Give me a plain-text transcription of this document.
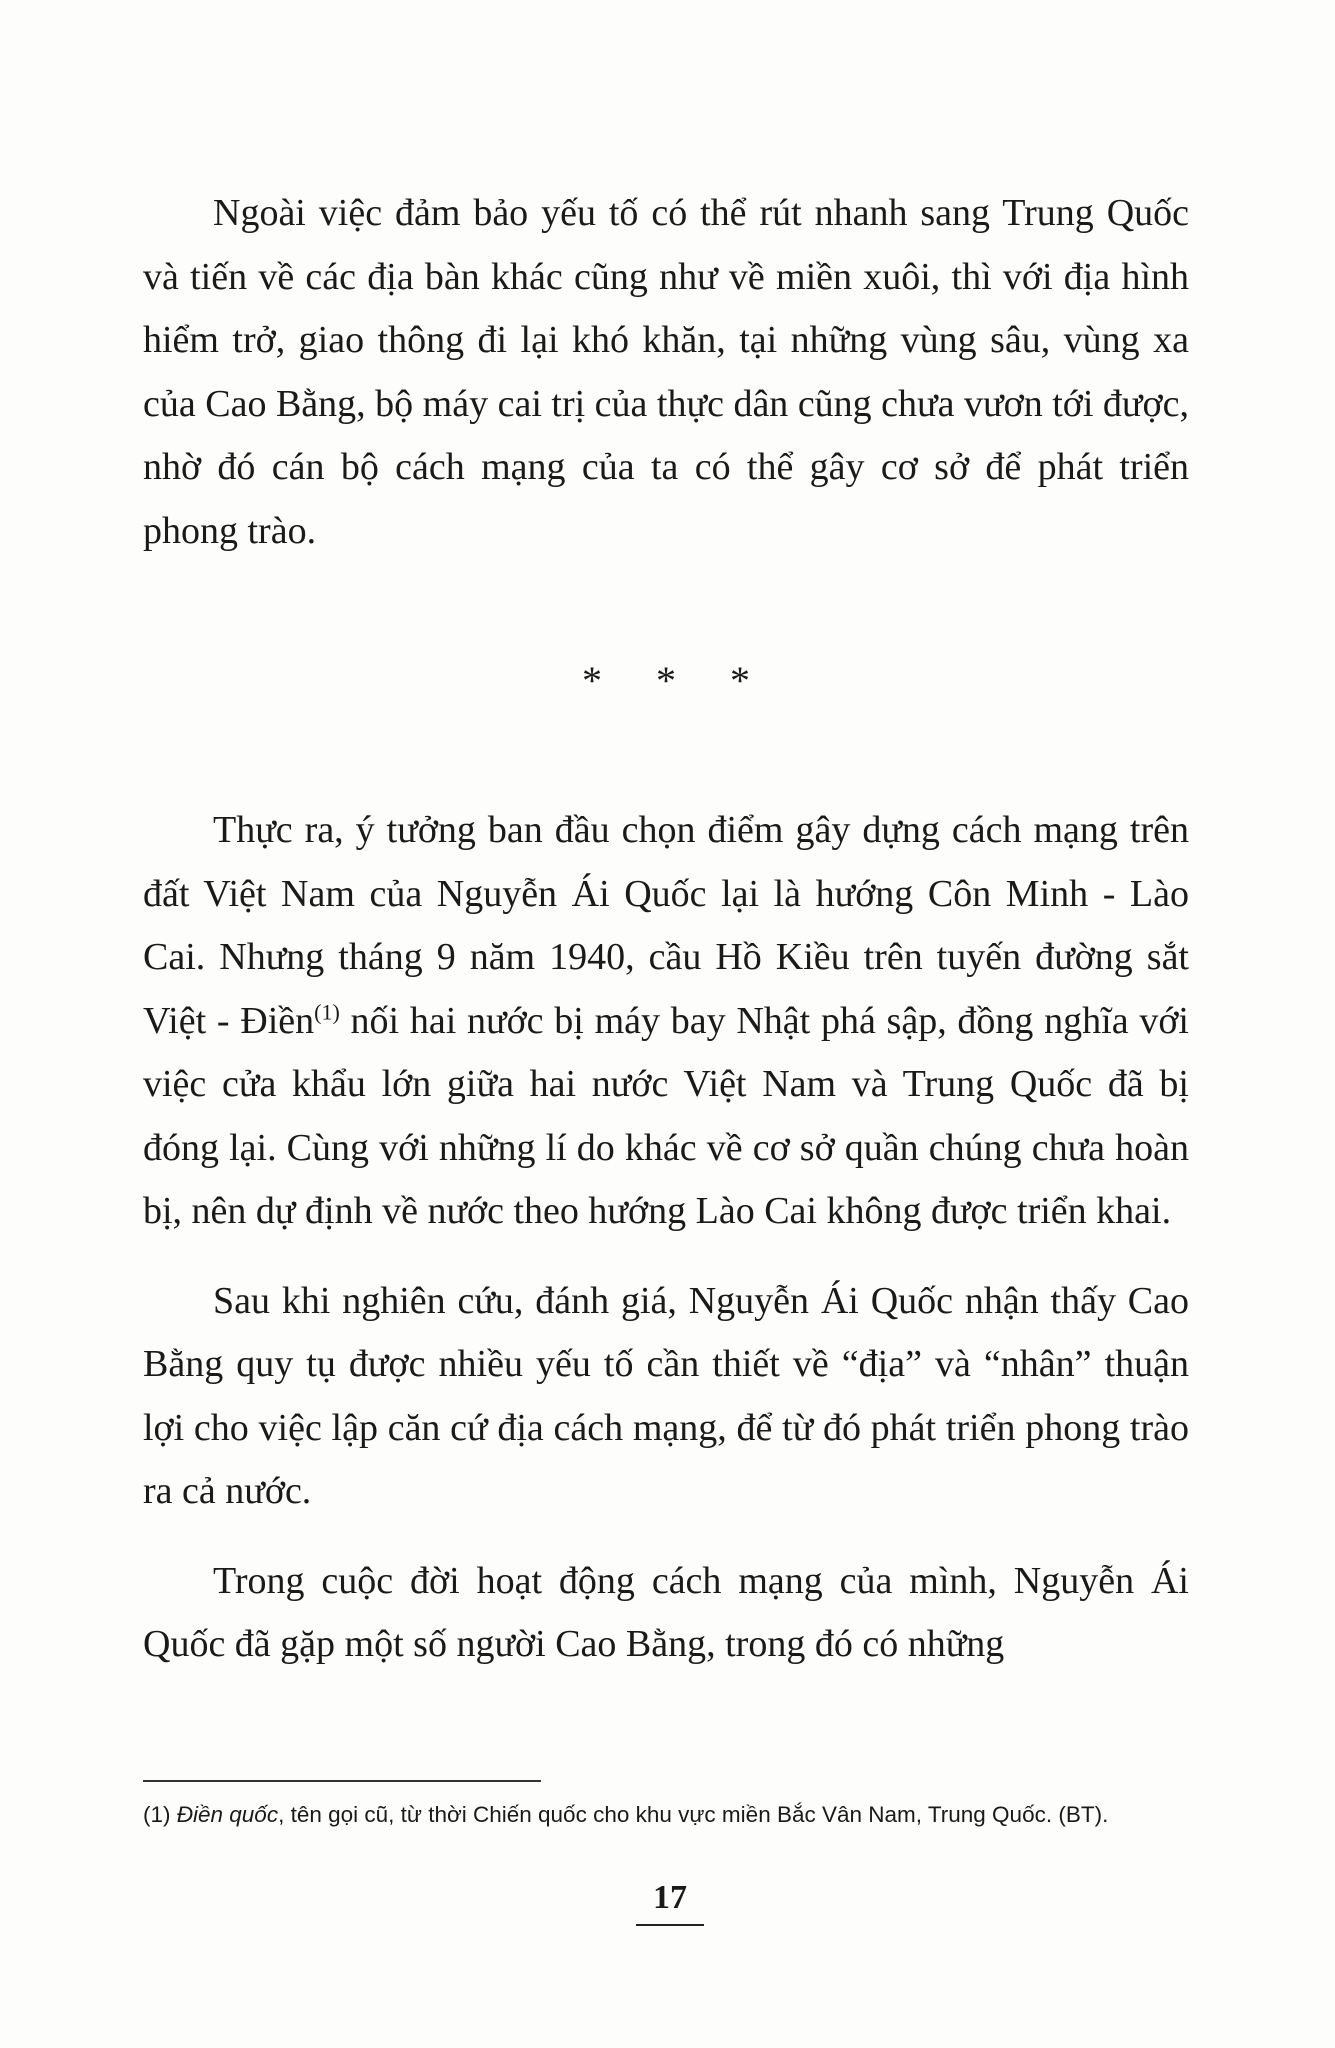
Ngoài việc đảm bảo yếu tố có thể rút nhanh sang Trung Quốc và tiến về các địa bàn khác cũng như về miền xuôi, thì với địa hình hiểm trở, giao thông đi lại khó khăn, tại những vùng sâu, vùng xa của Cao Bằng, bộ máy cai trị của thực dân cũng chưa vươn tới được, nhờ đó cán bộ cách mạng của ta có thể gây cơ sở để phát triển phong trào.

* * *

Thực ra, ý tưởng ban đầu chọn điểm gây dựng cách mạng trên đất Việt Nam của Nguyễn Ái Quốc lại là hướng Côn Minh - Lào Cai. Nhưng tháng 9 năm 1940, cầu Hồ Kiều trên tuyến đường sắt Việt - Điền$^{(1)}$ nối hai nước bị máy bay Nhật phá sập, đồng nghĩa với việc cửa khẩu lớn giữa hai nước Việt Nam và Trung Quốc đã bị đóng lại. Cùng với những lí do khác về cơ sở quần chúng chưa hoàn bị, nên dự định về nước theo hướng Lào Cai không được triển khai.

Sau khi nghiên cứu, đánh giá, Nguyễn Ái Quốc nhận thấy Cao Bằng quy tụ được nhiều yếu tố cần thiết về “địa” và “nhân” thuận lợi cho việc lập căn cứ địa cách mạng, để từ đó phát triển phong trào ra cả nước.

Trong cuộc đời hoạt động cách mạng của mình, Nguyễn Ái Quốc đã gặp một số người Cao Bằng, trong đó có những

(1) Điền quốc, tên gọi cũ, từ thời Chiến quốc cho khu vực miền Bắc Vân Nam, Trung Quốc. (BT).
17
